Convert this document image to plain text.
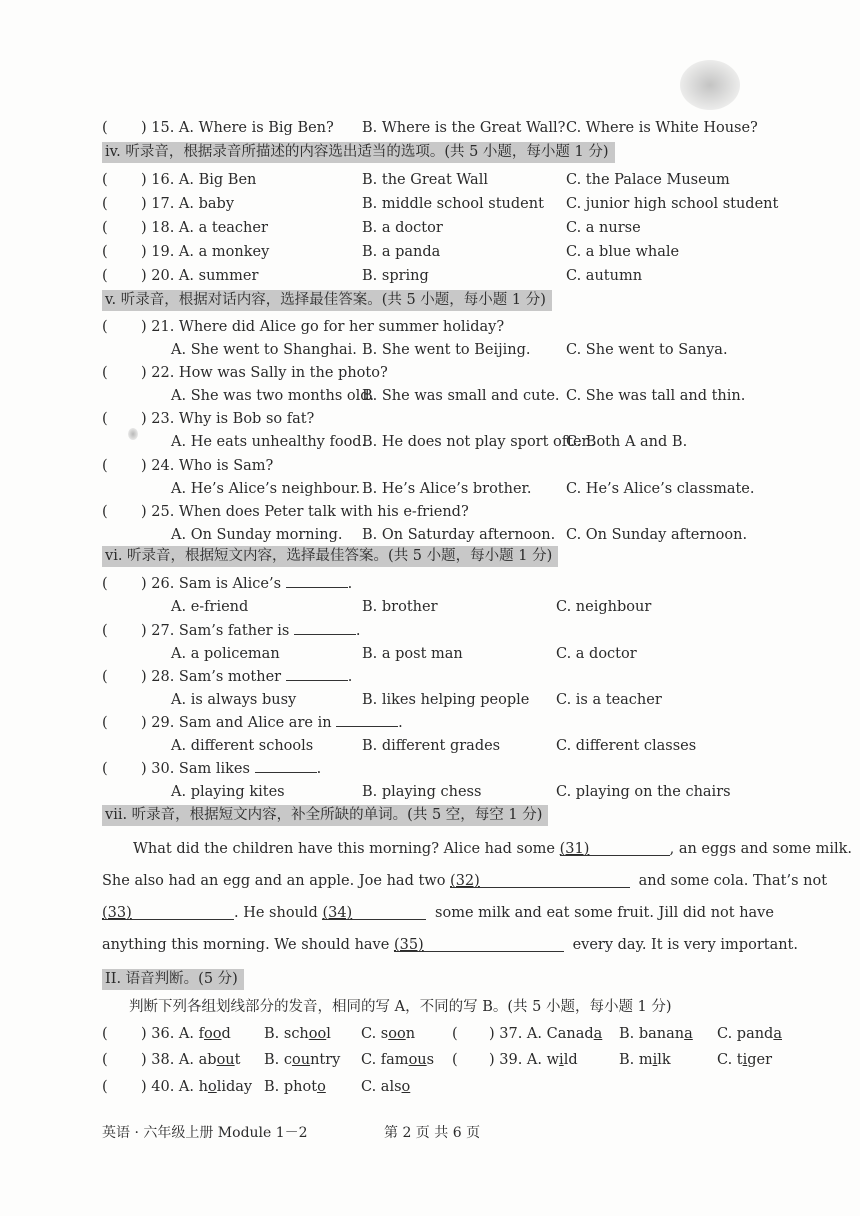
( ) 15. A. Where is Big Ben? B. Where is the Great Wall? C. Where is White House?
iv. 听录音，根据录音所描述的内容选出适当的选项。(共 5 小题，每小题 1 分)
( ) 16. A. Big Ben	B. the Great Wall	C. the Palace Museum
( ) 17. A. baby	B. middle school student C. junior high school student
( ) 18. A. a teacher	B. a doctor	C. a nurse
( ) 19. A. a monkey	B. a panda	C. a blue whale
( ) 20. A. summer	B. spring	C. autumn
v. 听录音，根据对话内容，选择最佳答案。(共 5 小题，每小题 1 分)
( ) 21. Where did Alice go for her summer holiday?
A. She went to Shanghai. B. She went to Beijing. C. She went to Sanya.
( ) 22. How was Sally in the photo?
A. She was two months old.
B. She was small and cute. C. She was tall and thin.
( ) 23. Why is Bob so fat?
A. He eats unhealthy food.
B. He does not play sport often.
C. Both A and B.
( ) 24. Who is Sam?
A. He’s Alice’s neighbour. B. He’s Alice’s brother. C. He’s Alice’s classmate.
( ) 25. When does Peter talk with his e-friend?
A. On Sunday morning. B. On Saturday afternoon. C. On Sunday afternoon.
vi. 听录音，根据短文内容，选择最佳答案。(共 5 小题，每小题 1 分)
( ) 26. Sam is Alice’s	.
A. e-friend	B. brother	C. neighbour
( ) 27. Sam’s father is	.
A. a policeman	B. a post man	C. a doctor
( ) 28. Sam’s mother	.
A. is always busy	B. likes helping people C. is a teacher
( ) 29. Sam and Alice are in	.
A. different schools	B. different grades	C. different classes
( ) 30. Sam likes	.
A. playing kites	B. playing chess	C. playing on the chairs
vii. 听录音，根据短文内容，补全所缺的单词。(共 5 空，每空 1 分)
What did the children have this morning? Alice had some (31)	, an eggs and some milk.
She also had an egg and an apple. Joe had two (32)	and some cola. That’s not
(33)	. He should (34)	some milk and eat some fruit. Jill did not have
anything this morning. We should have (35)	every day. It is very important.
II. 语音判断。(5 分)
判断下列各组划线部分的发音，相同的写 A，不同的写 B。(共 5 小题，每小题 1 分)
( ) 36. A. food B. school C. soon	( ) 37. A. Canada B. banana C. panda
( ) 38. A. about B. country C. famous ( ) 39. A. wild	B. milk	C. tiger
( ) 40. A. holiday B. photo C. also
英语 · 六年级上册 Module 1－2	第 2 页 共 6 页
